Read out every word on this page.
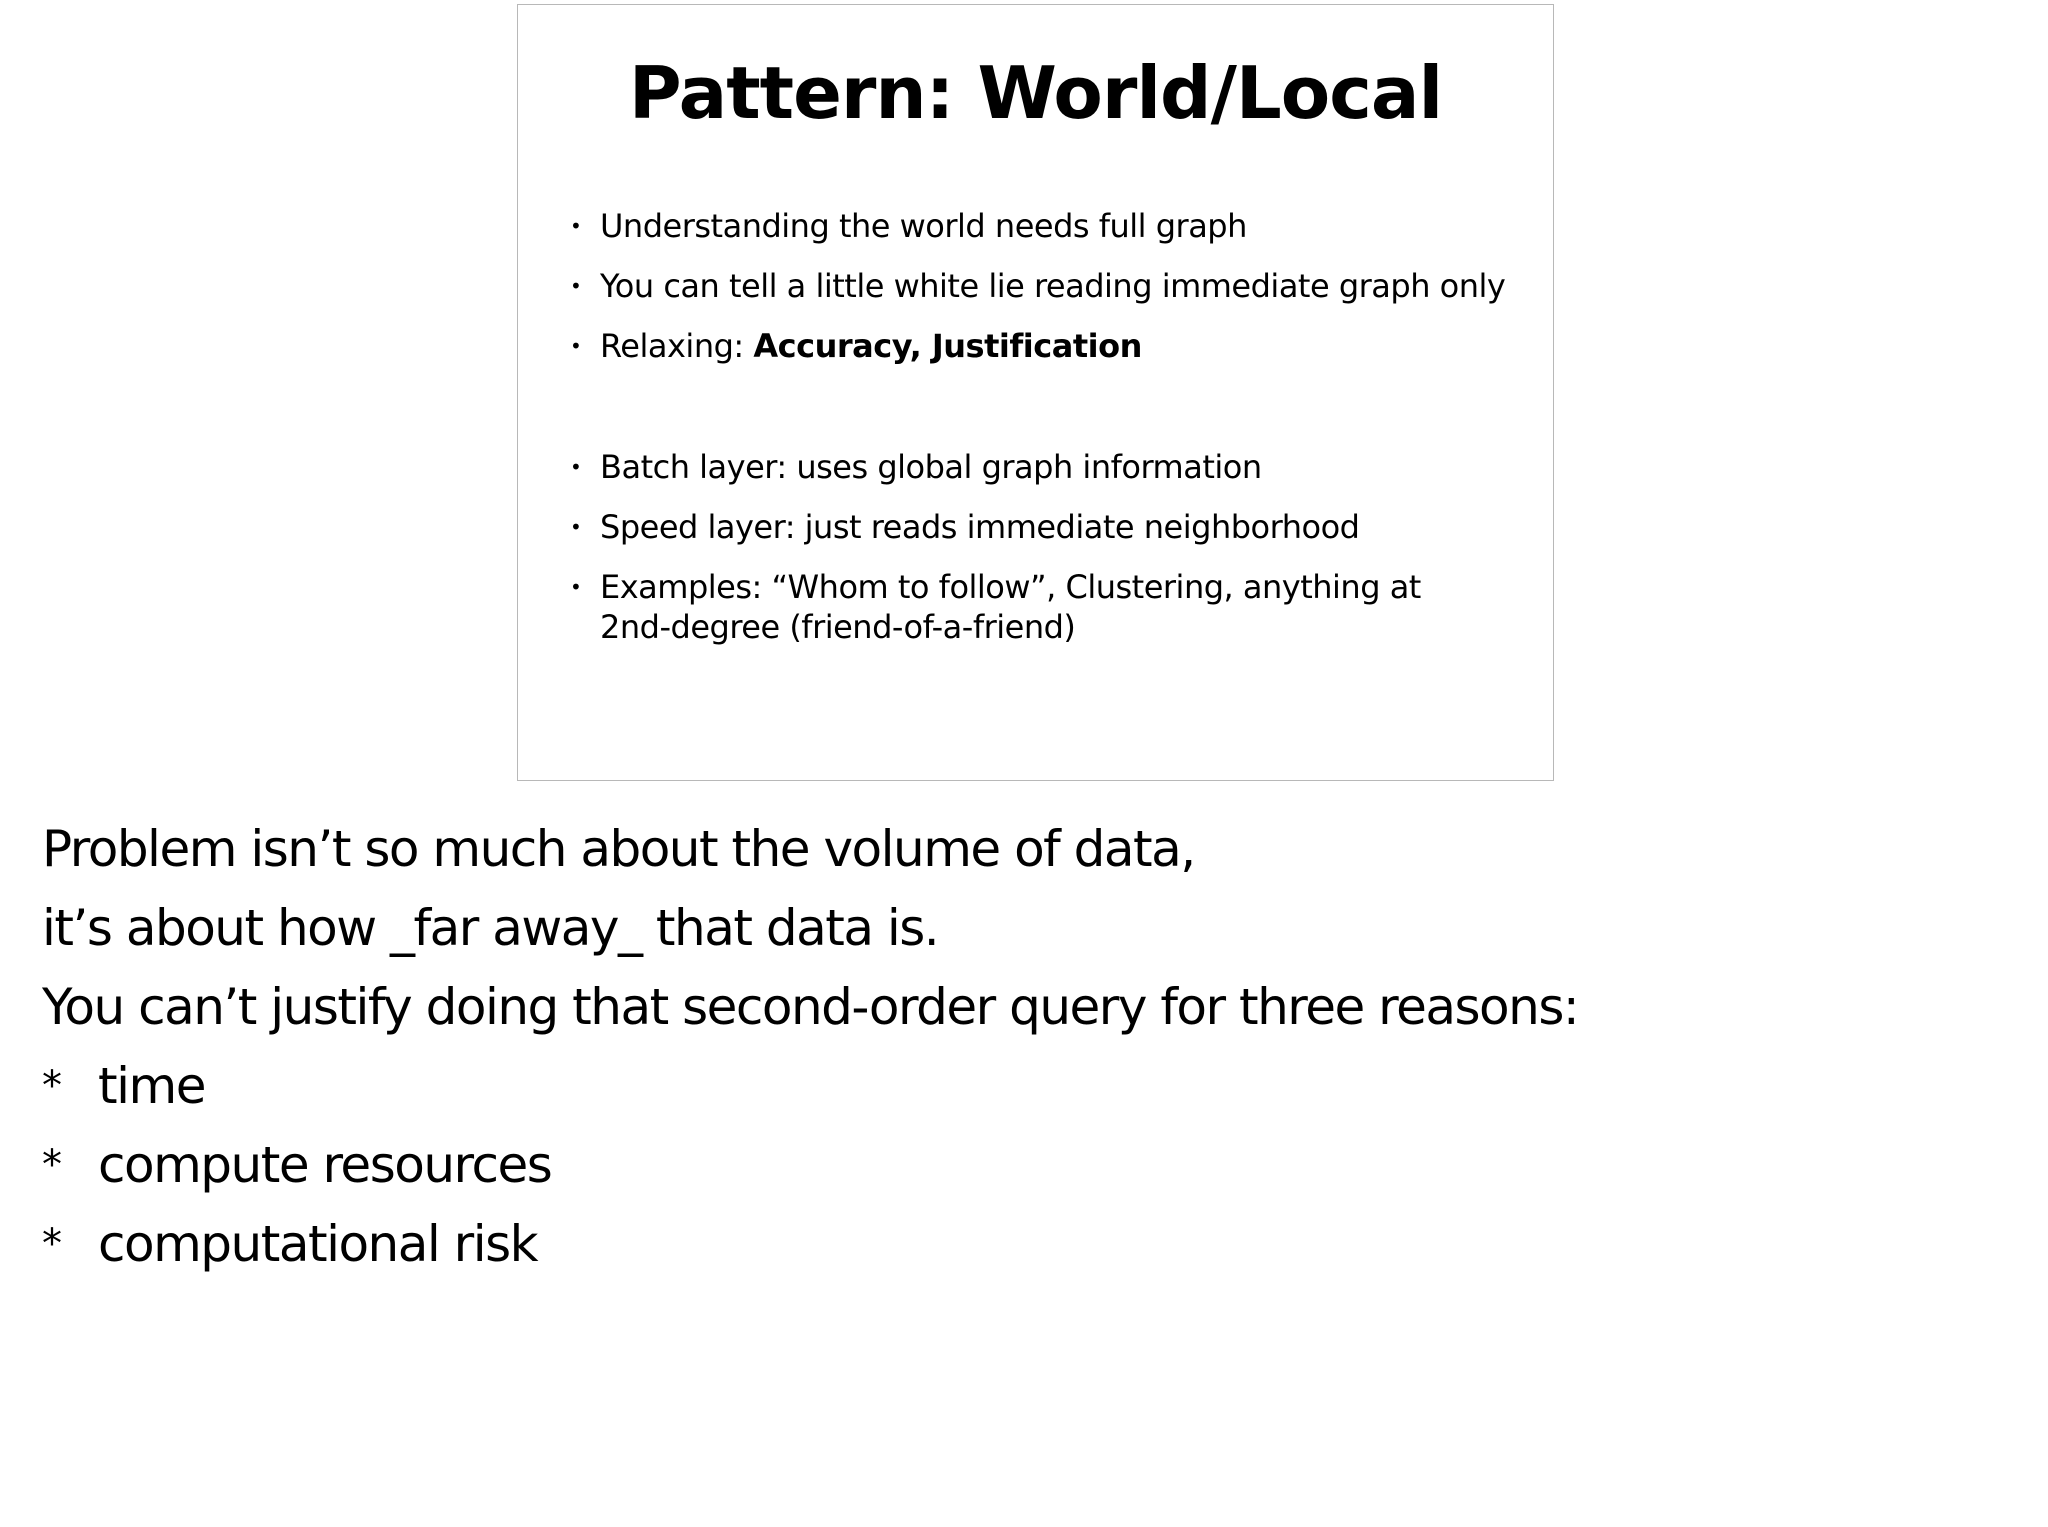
Pattern: World/Local
• Understanding the world needs full graph
• You can tell a little white lie reading immediate graph only
• Relaxing: Accuracy, Justification
• Batch layer: uses global graph information
• Speed layer: just reads immediate neighborhood
• Examples: “Whom to follow”, Clustering, anything at 2nd-degree (friend-of-a-friend)
Problem isn’t so much about the volume of data,
it’s about how _far away_ that data is.
You can’t justify doing that second-order query for three reasons:
* time
* compute resources
* computational risk
